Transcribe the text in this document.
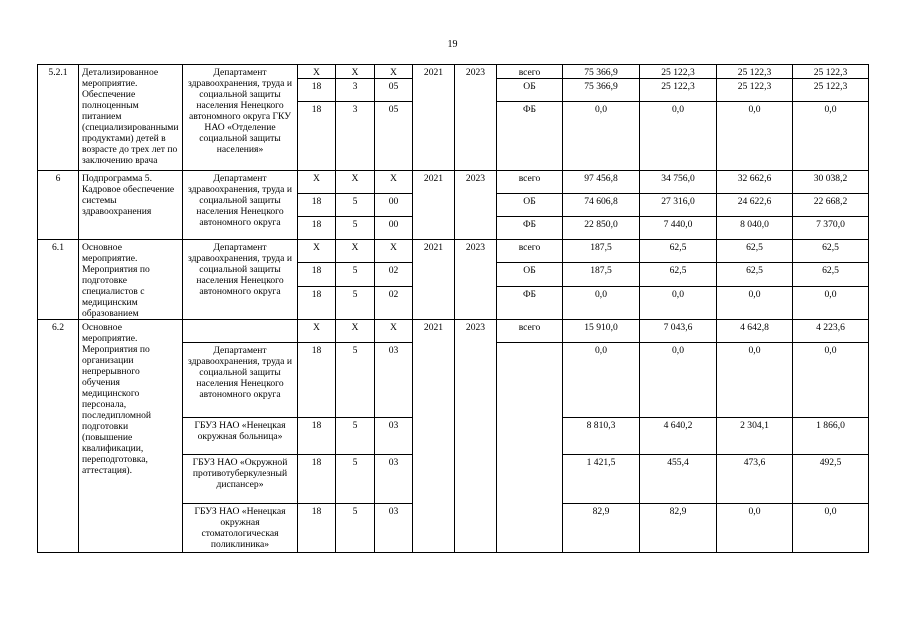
19
5.2.1	Детализированное мероприятие. Обеспечение полноценным питанием (специализированными продуктами) детей в возрасте до трех лет по заключению врача	Департамент здравоохранения, труда и социальной защиты населения Ненецкого автономного округа ГКУ НАО «Отделение социальной защиты населения»	Х	Х	Х	2021	2023	всего	75 366,9	25 122,3	25 122,3	25 122,3
			18	3	05			ОБ	75 366,9	25 122,3	25 122,3	25 122,3
			18	3	05			ФБ	0,0	0,0	0,0	0,0
6	Подпрограмма 5. Кадровое обеспечение системы здравоохранения	Департамент здравоохранения, труда и социальной защиты населения Ненецкого автономного округа	Х	Х	Х	2021	2023	всего	97 456,8	34 756,0	32 662,6	30 038,2
			18	5	00			ОБ	74 606,8	27 316,0	24 622,6	22 668,2
			18	5	00			ФБ	22 850,0	7 440,0	8 040,0	7 370,0
6.1	Основное мероприятие. Мероприятия по подготовке специалистов с медицинским образованием	Департамент здравоохранения, труда и социальной защиты населения Ненецкого автономного округа	Х	Х	Х	2021	2023	всего	187,5	62,5	62,5	62,5
			18	5	02			ОБ	187,5	62,5	62,5	62,5
			18	5	02			ФБ	0,0	0,0	0,0	0,0
6.2	Основное мероприятие. Мероприятия по организации непрерывного обучения медицинского персонала, последипломной подготовки (повышение квалификации, переподготовка, аттестация).		Х	Х	Х	2021	2023	всего	15 910,0	7 043,6	4 642,8	4 223,6
		Департамент здравоохранения, труда и социальной защиты населения Ненецкого автономного округа	18	5	03				0,0	0,0	0,0	0,0
		ГБУЗ НАО «Ненецкая окружная больница»	18	5	03				8 810,3	4 640,2	2 304,1	1 866,0
		ГБУЗ НАО «Окружной противотуберкулезный диспансер»	18	5	03				1 421,5	455,4	473,6	492,5
		ГБУЗ НАО «Ненецкая окружная стоматологическая поликлиника»	18	5	03				82,9	82,9	0,0	0,0
